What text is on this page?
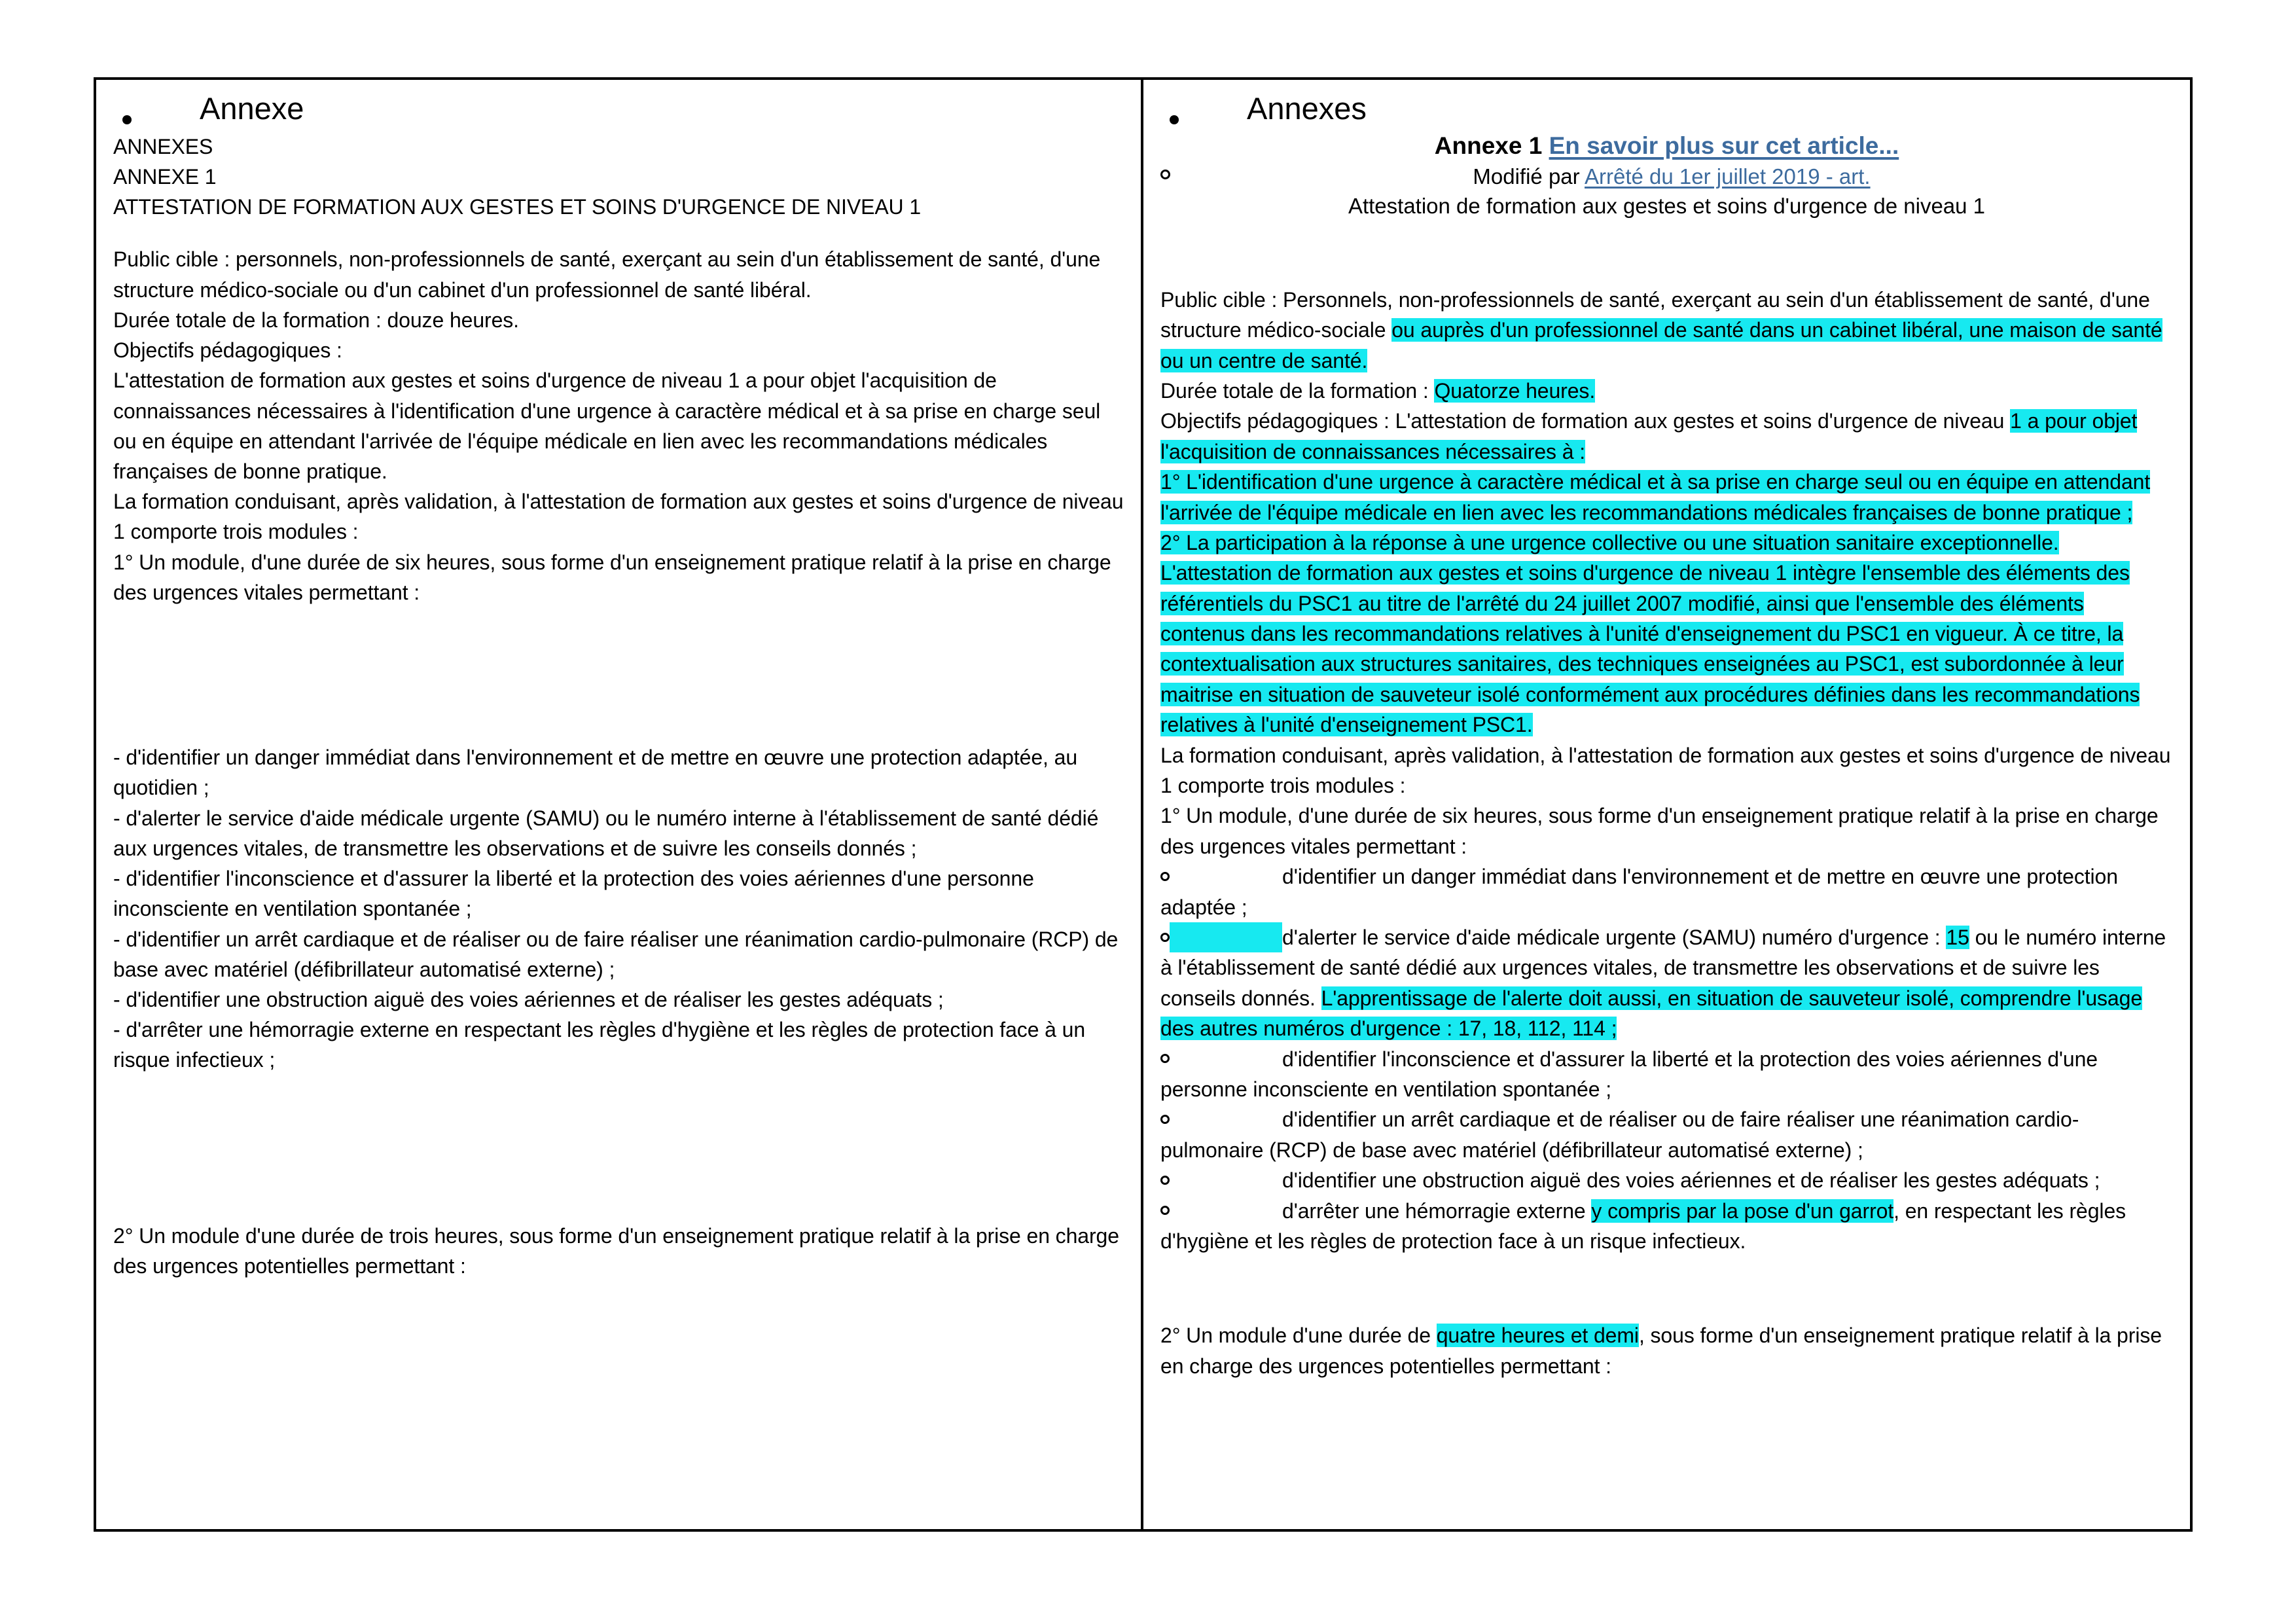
Annexe

ANNEXES

ANNEXE 1

ATTESTATION DE FORMATION AUX GESTES ET SOINS D'URGENCE DE NIVEAU 1

Public cible : personnels, non-professionnels de santé, exerçant au sein d'un établissement de santé, d'une structure médico-sociale ou d'un cabinet d'un professionnel de santé libéral.

Durée totale de la formation : douze heures.

Objectifs pédagogiques :

L'attestation de formation aux gestes et soins d'urgence de niveau 1 a pour objet l'acquisition de connaissances nécessaires à l'identification d'une urgence à caractère médical et à sa prise en charge seul ou en équipe en attendant l'arrivée de l'équipe médicale en lien avec les recommandations médicales françaises de bonne pratique.

La formation conduisant, après validation, à l'attestation de formation aux gestes et soins d'urgence de niveau 1 comporte trois modules :

1° Un module, d'une durée de six heures, sous forme d'un enseignement pratique relatif à la prise en charge des urgences vitales permettant :

- d'identifier un danger immédiat dans l'environnement et de mettre en œuvre une protection adaptée, au quotidien ;

- d'alerter le service d'aide médicale urgente (SAMU) ou le numéro interne à l'établissement de santé dédié aux urgences vitales, de transmettre les observations et de suivre les conseils donnés ;

- d'identifier l'inconscience et d'assurer la liberté et la protection des voies aériennes d'une personne inconsciente en ventilation spontanée ;

- d'identifier un arrêt cardiaque et de réaliser ou de faire réaliser une réanimation cardio-pulmonaire (RCP) de base avec matériel (défibrillateur automatisé externe) ;

- d'identifier une obstruction aiguë des voies aériennes et de réaliser les gestes adéquats ;

- d'arrêter une hémorragie externe en respectant les règles d'hygiène et les règles de protection face à un risque infectieux ;

2° Un module d'une durée de trois heures, sous forme d'un enseignement pratique relatif à la prise en charge des urgences potentielles permettant :

Annexes
Annexe 1 En savoir plus sur cet article...
Modifié par Arrêté du 1er juillet 2019 - art.
Attestation de formation aux gestes et soins d'urgence de niveau 1

Public cible : Personnels, non-professionnels de santé, exerçant au sein d'un établissement de santé, d'une structure médico-sociale ou auprès d'un professionnel de santé dans un cabinet libéral, une maison de santé ou un centre de santé.

Durée totale de la formation : Quatorze heures.

Objectifs pédagogiques : L'attestation de formation aux gestes et soins d'urgence de niveau 1 a pour objet l'acquisition de connaissances nécessaires à :

1° L'identification d'une urgence à caractère médical et à sa prise en charge seul ou en équipe en attendant l'arrivée de l'équipe médicale en lien avec les recommandations médicales françaises de bonne pratique ;

2° La participation à la réponse à une urgence collective ou une situation sanitaire exceptionnelle.

L'attestation de formation aux gestes et soins d'urgence de niveau 1 intègre l'ensemble des éléments des référentiels du PSC1 au titre de l'arrêté du 24 juillet 2007 modifié, ainsi que l'ensemble des éléments contenus dans les recommandations relatives à l'unité d'enseignement du PSC1 en vigueur. À ce titre, la contextualisation aux structures sanitaires, des techniques enseignées au PSC1, est subordonnée à leur maitrise en situation de sauveteur isolé conformément aux procédures définies dans les recommandations relatives à l'unité d'enseignement PSC1.

La formation conduisant, après validation, à l'attestation de formation aux gestes et soins d'urgence de niveau 1 comporte trois modules :

1° Un module, d'une durée de six heures, sous forme d'un enseignement pratique relatif à la prise en charge des urgences vitales permettant :

d'identifier un danger immédiat dans l'environnement et de mettre en œuvre une protection adaptée ;

d'alerter le service d'aide médicale urgente (SAMU) numéro d'urgence : 15 ou le numéro interne à l'établissement de santé dédié aux urgences vitales, de transmettre les observations et de suivre les conseils donnés. L'apprentissage de l'alerte doit aussi, en situation de sauveteur isolé, comprendre l'usage des autres numéros d'urgence : 17, 18, 112, 114 ;

d'identifier l'inconscience et d'assurer la liberté et la protection des voies aériennes d'une personne inconsciente en ventilation spontanée ;

d'identifier un arrêt cardiaque et de réaliser ou de faire réaliser une réanimation cardio-pulmonaire (RCP) de base avec matériel (défibrillateur automatisé externe) ;

d'identifier une obstruction aiguë des voies aériennes et de réaliser les gestes adéquats ;

d'arrêter une hémorragie externe y compris par la pose d'un garrot, en respectant les règles d'hygiène et les règles de protection face à un risque infectieux.

2° Un module d'une durée de quatre heures et demi, sous forme d'un enseignement pratique relatif à la prise en charge des urgences potentielles permettant :
